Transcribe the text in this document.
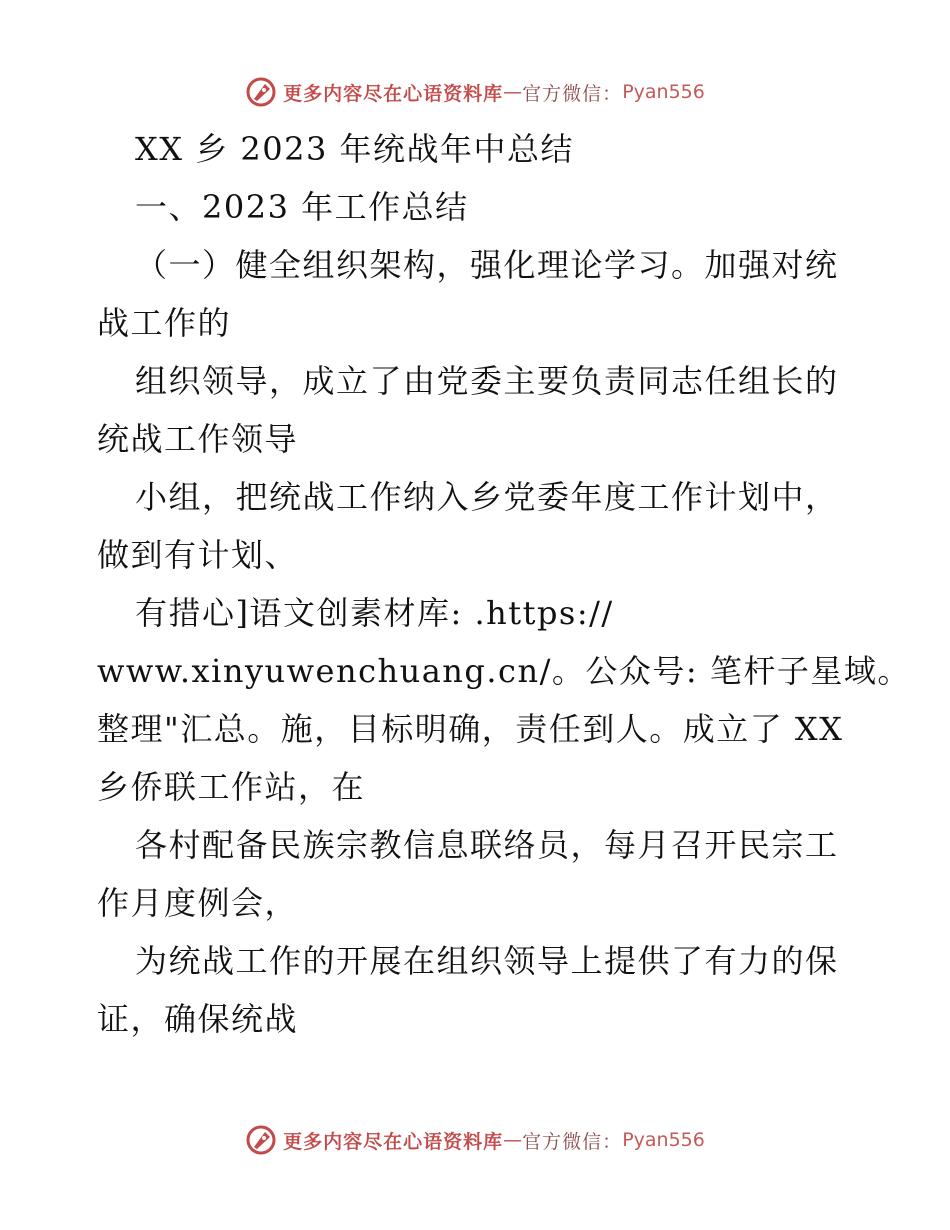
更多内容尽在心语资料库 — 官方微信： Pyan556
XX 乡 2023 年统战年中总结
一、2023 年工作总结
（一）健全组织架构，强化理论学习。加强对统
战工作的
组织领导，成立了由党委主要负责同志任组长的
统战工作领导
小组，把统战工作纳入乡党委年度工作计划中，
做到有计划、
有措心]语文创素材库: .https://
www.xinyuwenchuang.cn/。公众号: 笔杆子星域。
整理"汇总。施，目标明确，责任到人。成立了 XX
乡侨联工作站，在
各村配备民族宗教信息联络员，每月召开民宗工
作月度例会，
为统战工作的开展在组织领导上提供了有力的保
证，确保统战
更多内容尽在心语资料库 — 官方微信： Pyan556
